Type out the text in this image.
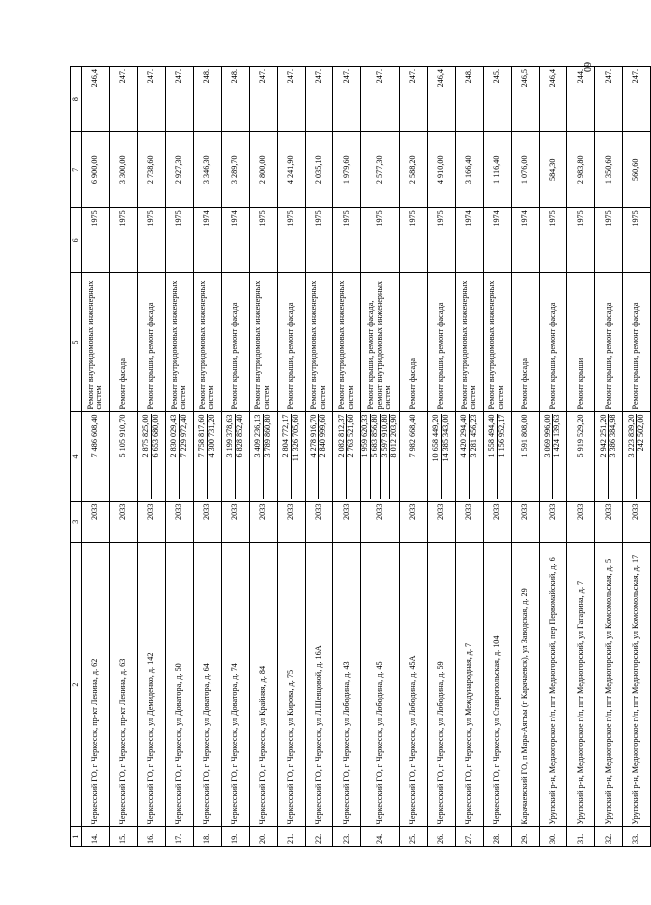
60
1	2	3	4	5	6	7	8
14.	Черкесский ГО, г Черкесск, пр-кт Ленина, д. 62	2033	7 486 608,40	Ремонт внутридомовых инженерных систем	1975	6 900,00	246,4
15.	Черкесский ГО, г Черкесск, пр-кт Ленина, д. 63	2033	5 105 910,70	Ремонт фасада	1975	3 300,00	247.
16.	Черкесский ГО, г Черкесск, ул Демиденко, д. 142	2033	2 875 825,00 6 653 680,00	Ремонт крыши, ремонт фасада	1975	2 738,60	247.
17.	Черкесский ГО, г Черкесск, ул Доватора, д. 50	2033	2 830 029,43 7 229 972,40	Ремонт внутридомовых инженерных систем	1975	2 927,30	247.
18.	Черкесский ГО, г Черкесск, ул Доватора, д. 64	2033	7 758 817,60 4 300 731,20	Ремонт внутридомовых инженерных систем	1974	3 346,30	248.
19.	Черкесский ГО, г Черкесск, ул Доватора, д. 74	2033	3 199 378,63 6 828 852,40	Ремонт крыши, ремонт фасада	1974	3 289,70	248.
20.	Черкесский ГО, г Черкесск, ул Крайняя, д. 84	2033	3 409 236,13 3 789 860,80	Ремонт внутридомовых инженерных систем	1975	2 800,00	247.
21.	Черкесский ГО, г Черкесск, ул Кирова, д. 75	2033	2 804 772,17 11 326 705,60	Ремонт крыши, ремонт фасада	1975	4 241,90	247.
22.	Черкесский ГО, г Черкесск, ул Л.Шевцовой, д. 16А	2033	4 278 916,70 2 840 999,60	Ремонт внутридомовых инженерных систем	1975	2 035,10	247.
23.	Черкесский ГО, г Черкесск, ул Лободина, д. 43	2033	2 082 812,37 2 763 521,60	Ремонт внутридомовых инженерных систем	1975	1 979,60	247.
24.	Черкесский ГО, г Черкесск, ул Лободина, д. 45	2033	1 959 620,33 5 683 856,80 3 597 910,80 8 012 203,90	Ремонт крыши, ремонт фасада, ремонт внутридомовых инженерных систем	1975	2 577,30	247.
25.	Черкесский ГО, г Черкесск, ул Лободина, д. 45А	2033	7 982 668,40	Ремонт фасада	1975	2 588,20	247.
26.	Черкесский ГО, г Черкесск, ул Лободина, д. 59	2033	10 658 449,20 14 385 343,00	Ремонт крыши, ремонт фасада	1975	4 910,00	246,4
27.	Черкесский ГО, г Черкесск, ул Международная, д. 7	2033	4 420 294,40 3 281 456,23	Ремонт внутридомовых инженерных систем	1974	3 166,40	248.
28.	Черкесский ГО, г Черкесск, ул Ставропольская, д. 104	2033	1 558 494,40 1 156 952,17	Ремонт внутридомовых инженерных систем	1974	1 116,40	245.
29.	Карачаевский ГО, п Мара-Аягъы (г Карачаевск), ул Заводская, д. 29	2033	1 591 808,00	Ремонт фасада	1974	1 076,00	246,5
30.	Урупский р-н, Медногорское г/п, пгт Медногорский, пер Первомайский, д. 6	2033	3 069 996,00 1 424 139,63	Ремонт крыши, ремонт фасада	1975	584,30	246,4
31.	Урупский р-н, Медногорское г/п, пгт Медногорский, ул Гагарина, д. 7	2033	5 919 529,20	Ремонт крыши	1975	2 983,80	244.
32.	Урупский р-н, Медногорское г/п, пгт Медногорский, ул Комсомольская, д. 5	2033	2 942 251,20 3 386 384,98	Ремонт крыши, ремонт фасада	1975	1 350,60	247.
33.	Урупский р-н, Медногорское г/п, пгт Медногорский, ул Комсомольская, д. 17	2033	3 223 839,20 242 502,00	Ремонт крыши, ремонт фасада	1975	560,60	247.
